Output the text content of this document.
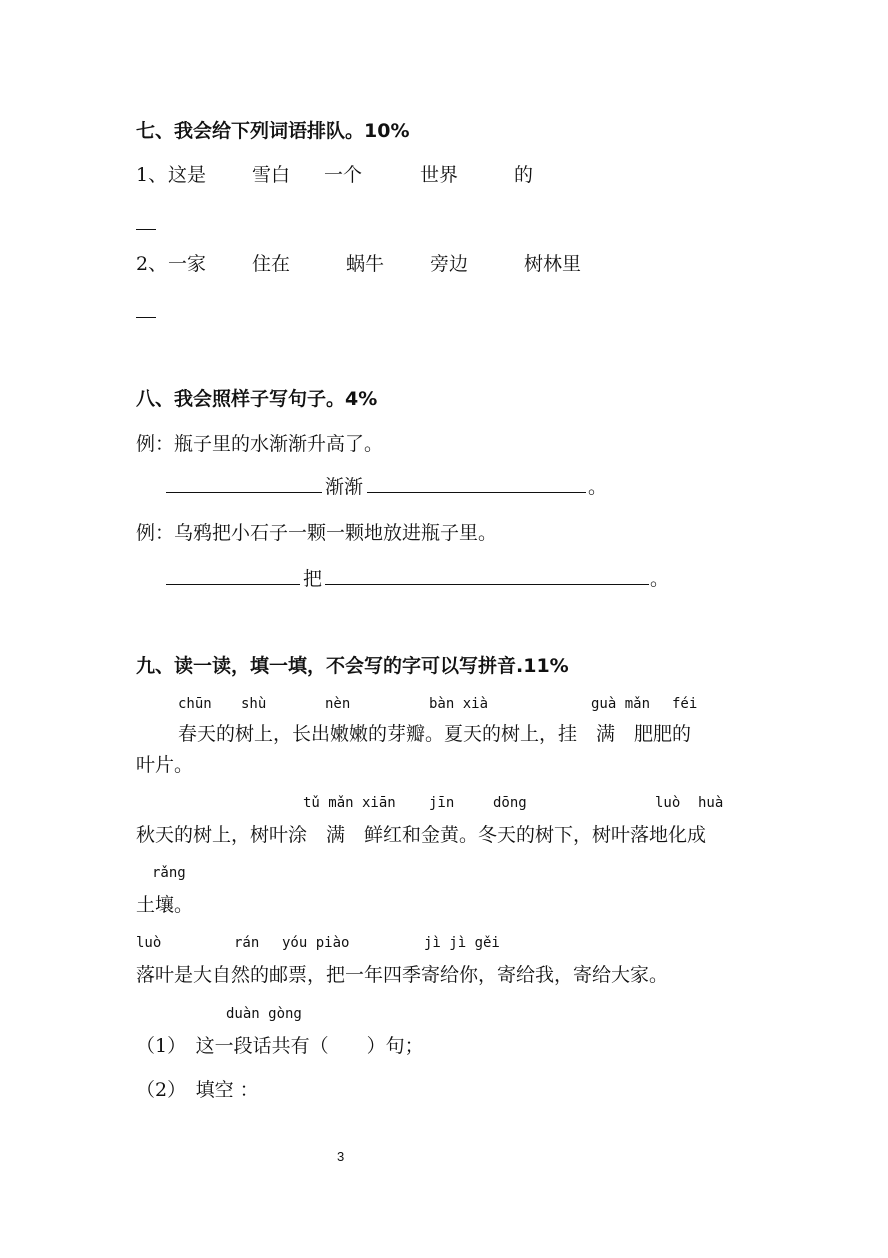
七、我会给下列词语排队。10%
1、 这是 雪白 一个	世界	的
2、 一家 住在	蜗牛 旁边	树林里
八、我会照样子写句子。4%
例：瓶子里的水渐渐升高了。
渐渐	。
例：乌鸦把小石子一颗一颗地放进瓶子里。
把	。
九、读一读，填一填，不会写的字可以写拼音.11%
chūn shù	nèn	bàn xià	guà mǎn féi
春天的树上，长出嫩嫩的芽瓣。夏天的树上，挂　满　肥肥的
叶片。
tǔ mǎn xiān jīn	dōng	luò huà
秋天的树上，树叶涂　满　鲜红和金黄。冬天的树下，树叶落地化成
rǎng
土壤。
luò	rán yóu piào	jì jì gěi
落叶是大自然的邮票，把一年四季寄给你，寄给我，寄给大家。
duàn gòng
（1）　这一段话共有（　　）句；
（2）　填空 ：
3
